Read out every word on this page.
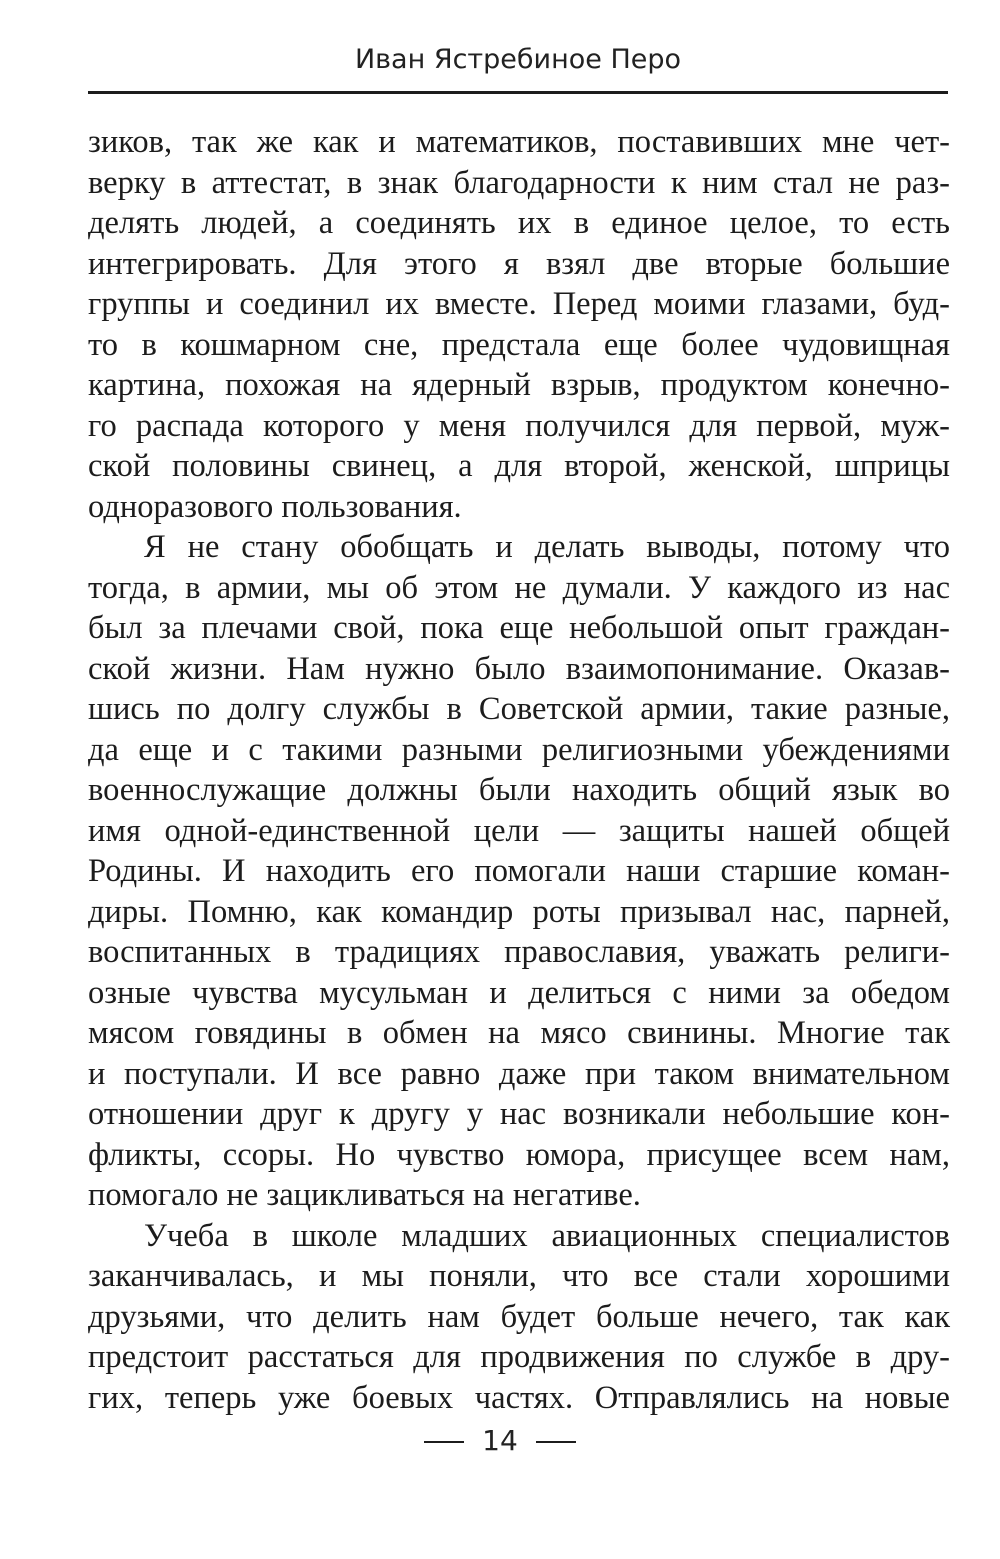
Иван Ястребиное Перо
зиков, так же как и математиков, поставивших мне чет-
верку в аттестат, в знак благодарности к ним стал не раз-
делять людей, а соединять их в единое целое, то есть
интегрировать. Для этого я взял две вторые большие
группы и соединил их вместе. Перед моими глазами, буд-
то в кошмарном сне, предстала еще более чудовищная
картина, похожая на ядерный взрыв, продуктом конечно-
го распада которого у меня получился для первой, муж-
ской половины свинец, а для второй, женской, шприцы
одноразового пользования.
Я не стану обобщать и делать выводы, потому что
тогда, в армии, мы об этом не думали. У каждого из нас
был за плечами свой, пока еще небольшой опыт граждан-
ской жизни. Нам нужно было взаимопонимание. Оказав-
шись по долгу службы в Советской армии, такие разные,
да еще и с такими разными религиозными убеждениями
военнослужащие должны были находить общий язык во
имя одной-единственной цели — защиты нашей общей
Родины. И находить его помогали наши старшие коман-
диры. Помню, как командир роты призывал нас, парней,
воспитанных в традициях православия, уважать религи-
озные чувства мусульман и делиться с ними за обедом
мясом говядины в обмен на мясо свинины. Многие так
и поступали. И все равно даже при таком внимательном
отношении друг к другу у нас возникали небольшие кон-
фликты, ссоры. Но чувство юмора, присущее всем нам,
помогало не зацикливаться на негативе.
Учеба в школе младших авиационных специалистов
заканчивалась, и мы поняли, что все стали хорошими
друзьями, что делить нам будет больше нечего, так как
предстоит расстаться для продвижения по службе в дру-
гих, теперь уже боевых частях. Отправлялись на новые
14
